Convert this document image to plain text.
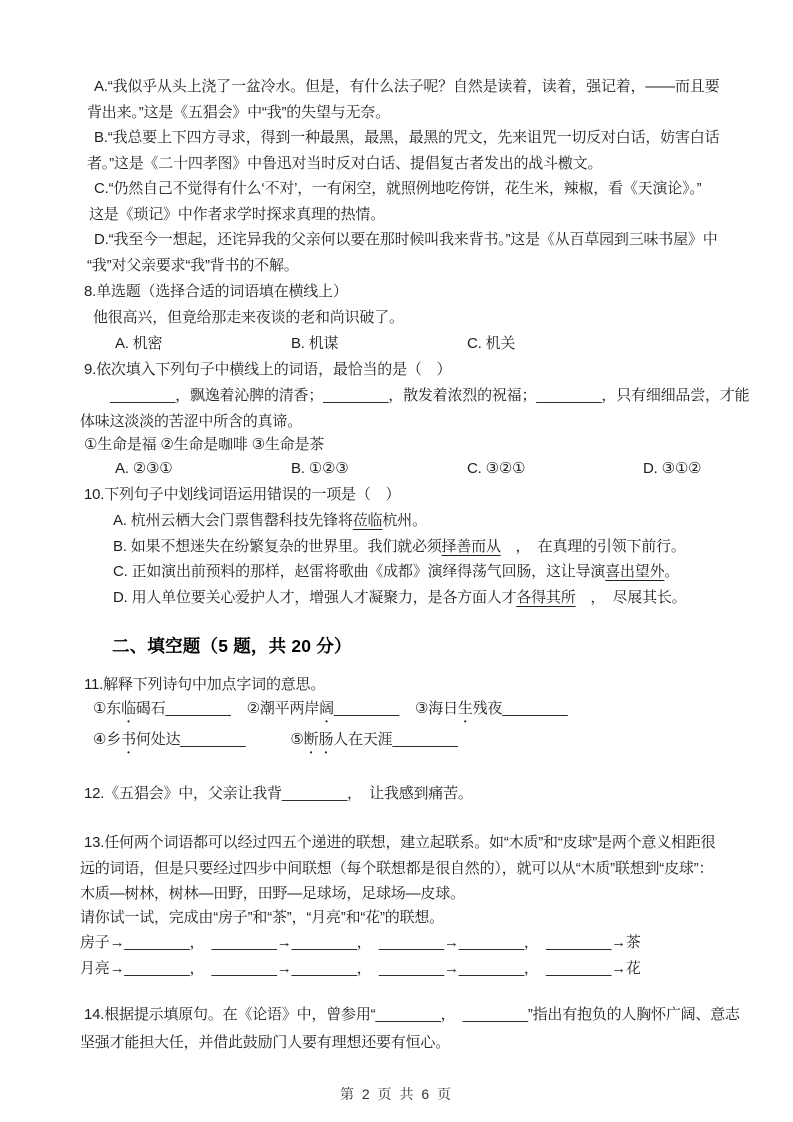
A.“我似乎从头上浇了一盆冷水。但是，有什么法子呢？自然是读着，读着，强记着，——而且要
背出来。”这是《五猖会》中“我”的失望与无奈。
B.“我总要上下四方寻求，得到一种最黑，最黑，最黑的咒文，先来诅咒一切反对白话，妨害白话
者。”这是《二十四孝图》中鲁迅对当时反对白话、提倡复古者发出的战斗檄文。
C.“仍然自己不觉得有什么‘不对’，一有闲空，就照例地吃侉饼，花生米，辣椒，看《天演论》。”
这是《琐记》中作者求学时探求真理的热情。
D.“我至今一想起，还诧异我的父亲何以要在那时候叫我来背书。”这是《从百草园到三味书屋》中
“我”对父亲要求“我”背书的不解。
8.单选题（选择合适的词语填在横线上）
他很高兴，但竟给那走来夜谈的老和尚识破了。
A. 机密	B. 机谋	C. 机关
9.依次填入下列句子中横线上的词语，最恰当的是（　）
________，飘逸着沁脾的清香；________，散发着浓烈的祝福；________，只有细细品尝，才能
体味这淡淡的苦涩中所含的真谛。
①生命是福 ②生命是咖啡 ③生命是茶
A. ②③①	B. ①②③	C. ③②①	D. ③①②
10.下列句子中划线词语运用错误的一项是（　）
A. 杭州云栖大会门票售罄科技先锋将莅临杭州。
B. 如果不想迷失在纷繁复杂的世界里。我们就必须择善而从　，　在真理的引领下前行。
C. 正如演出前预料的那样，赵雷将歌曲《成都》演绎得荡气回肠，这让导演喜出望外。
D. 用人单位要关心爱护人才，增强人才凝聚力，是各方面人才各得其所　，　尽展其长。
二、填空题（5 题，共 20 分）
11.解释下列诗句中加点字词的意思。
①东临碣石________ ②潮平两岸阔________ ③海日生残夜________
④乡书何处达________	⑤断肠人在天涯________
12.《五猖会》中，父亲让我背________，　让我感到痛苦。
13.任何两个词语都可以经过四五个递进的联想，建立起联系。如“木质”和“皮球”是两个意义相距很
远的词语，但是只要经过四步中间联想（每个联想都是很自然的），就可以从“木质”联想到“皮球”：
木质—树林，树林—田野，田野—足球场，足球场—皮球。
请你试一试，完成由“房子”和“茶”，“月亮”和“花”的联想。
房子→________，　________→________，　________→________，　________→茶
月亮→________，　________→________，　________→________，　________→花
14.根据提示填原句。在《论语》中，曾参用“________，　________”指出有抱负的人胸怀广阔、意志
坚强才能担大任，并借此鼓励门人要有理想还要有恒心。
第 2 页 共 6 页
